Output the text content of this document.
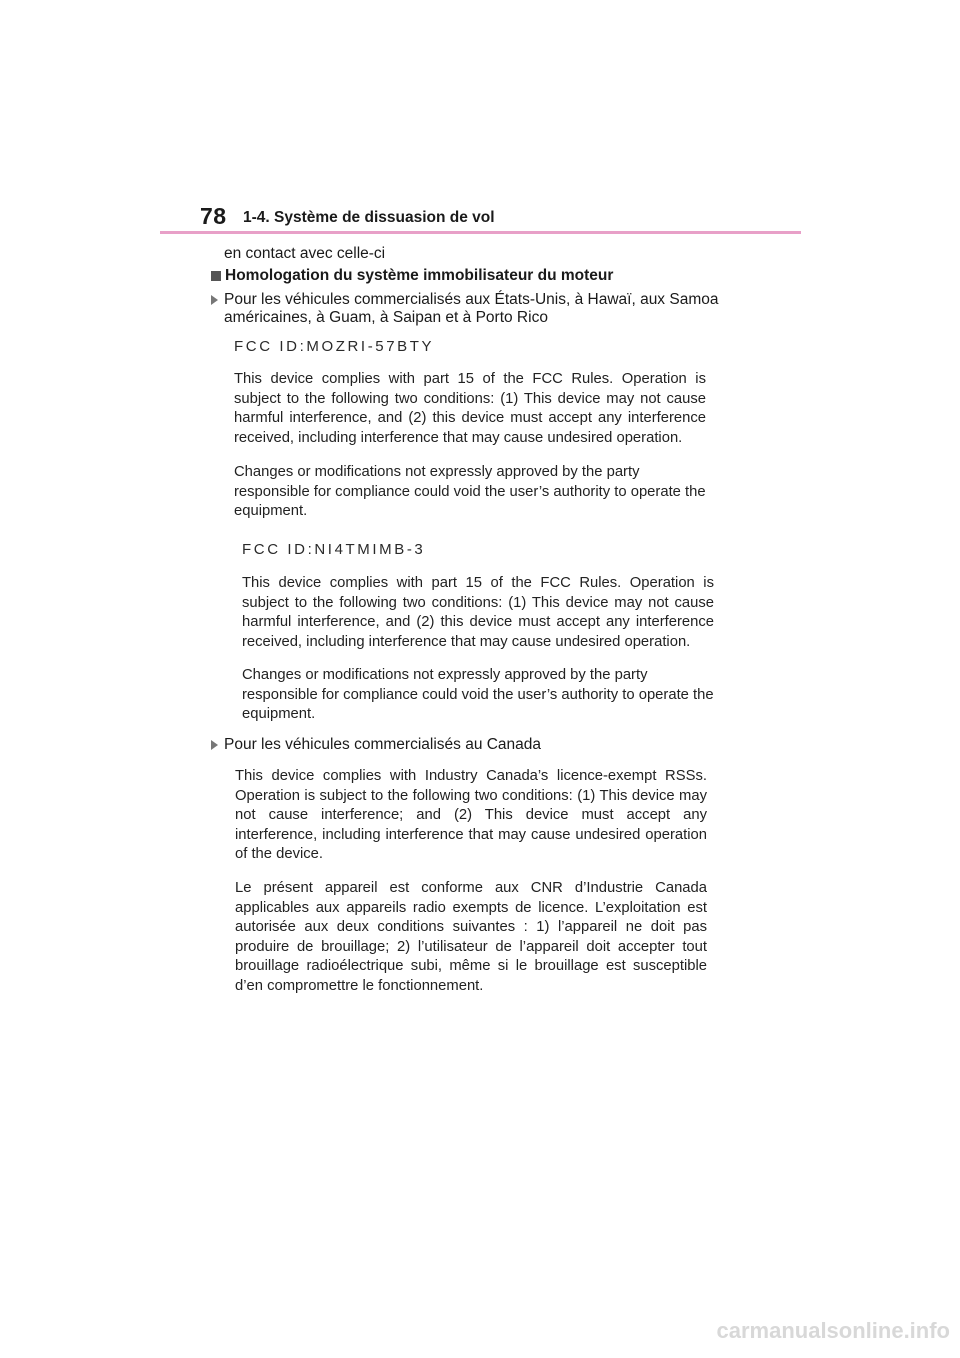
78 1-4. Système de dissuasion de vol
en contact avec celle-ci
Homologation du système immobilisateur du moteur
Pour les véhicules commercialisés aux États-Unis, à Hawaï, aux Samoa américaines, à Guam, à Saipan et à Porto Rico
FCC ID:MOZRI-57BTY

This device complies with part 15 of the FCC Rules. Operation is subject to the following two conditions: (1) This device may not cause harmful interference, and (2) this device must accept any interference received, including interference that may cause undesired operation.

Changes or modifications not expressly approved by the party responsible for compliance could void the user’s authority to operate the equipment.

FCC ID:NI4TMIMB-3

This device complies with part 15 of the FCC Rules. Operation is subject to the following two conditions: (1) This device may not cause harmful interference, and (2) this device must accept any interference received, including interference that may cause undesired operation.

Changes or modifications not expressly approved by the party responsible for compliance could void the user’s authority to operate the equipment.

Pour les véhicules commercialisés au Canada

This device complies with Industry Canada’s licence-exempt RSSs. Operation is subject to the following two conditions: (1) This device may not cause interference; and (2) This device must accept any interference, including interference that may cause undesired operation of the device.

Le présent appareil est conforme aux CNR d’Industrie Canada applicables aux appareils radio exempts de licence. L’exploitation est autorisée aux deux conditions suivantes : 1) l’appareil ne doit pas produire de brouillage; 2) l’utilisateur de l’appareil doit accepter tout brouillage radioélectrique subi, même si le brouillage est susceptible d’en compromettre le fonctionnement.

carmanualsonline.info
